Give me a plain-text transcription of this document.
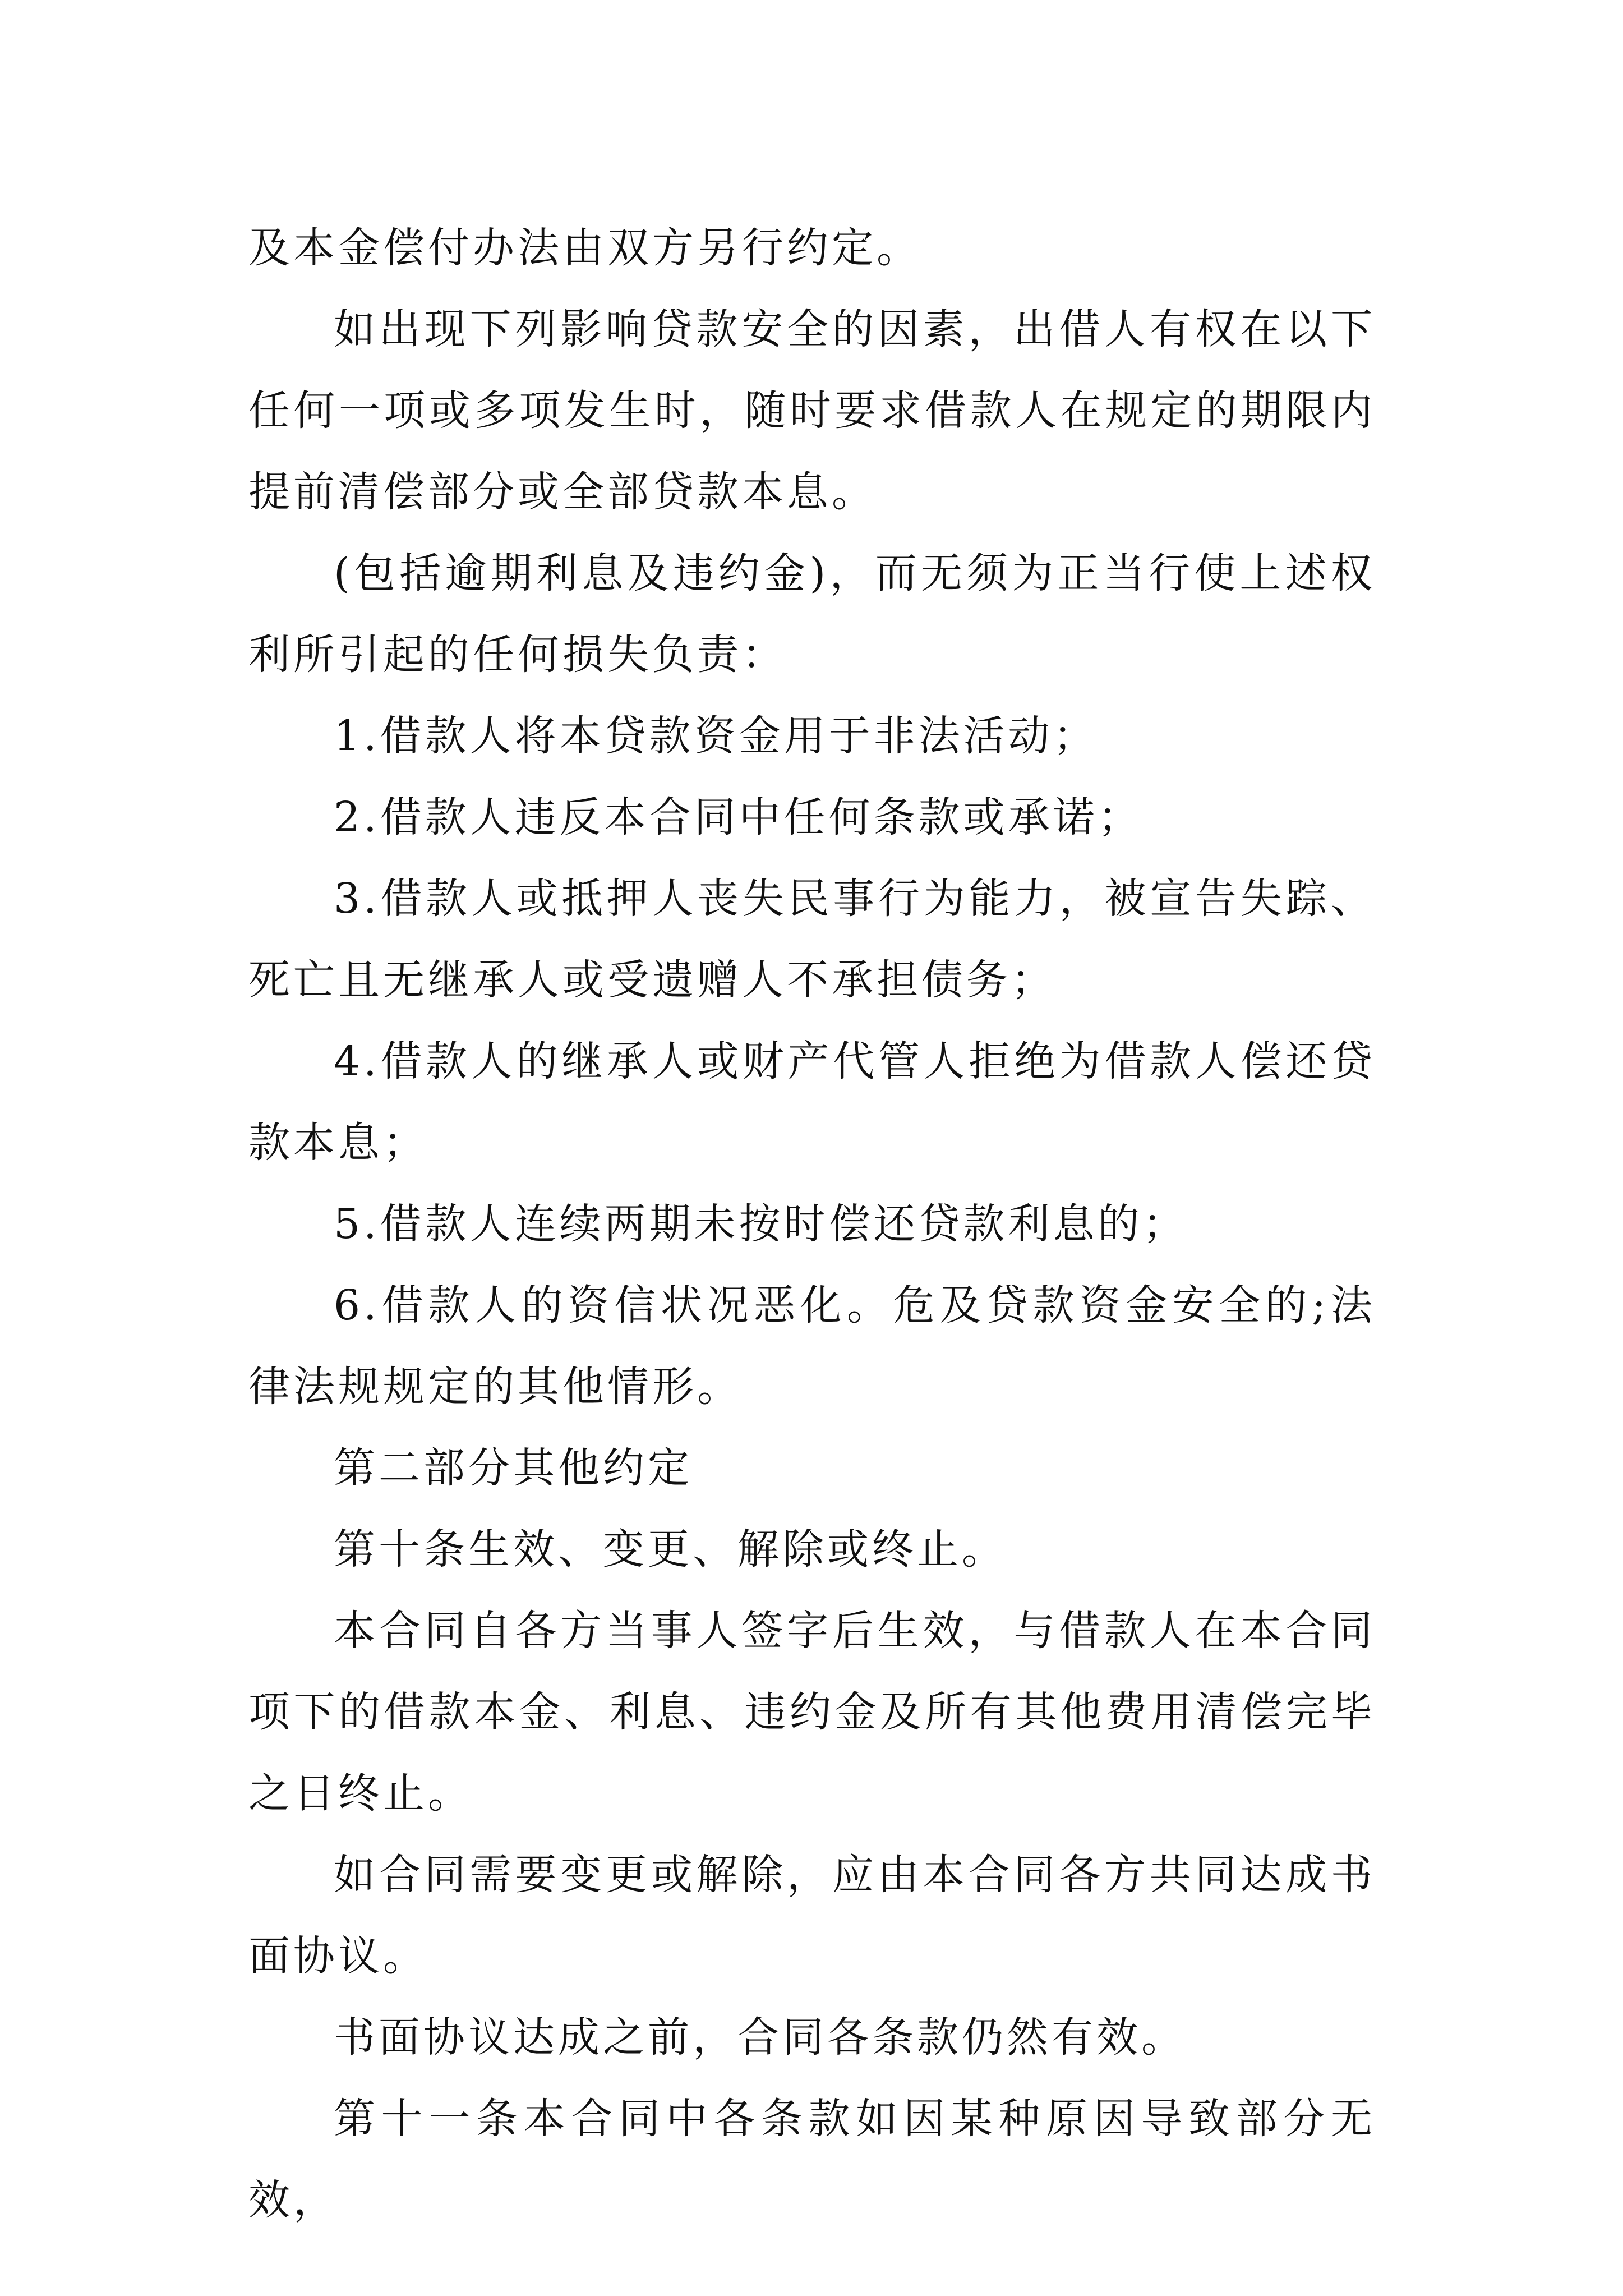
及本金偿付办法由双方另行约定。

如出现下列影响贷款安全的因素，出借人有权在以下任何一项或多项发生时，随时要求借款人在规定的期限内提前清偿部分或全部贷款本息。

(包括逾期利息及违约金)，而无须为正当行使上述权利所引起的任何损失负责：

1.借款人将本贷款资金用于非法活动；

2.借款人违反本合同中任何条款或承诺；

3.借款人或抵押人丧失民事行为能力，被宣告失踪、死亡且无继承人或受遗赠人不承担债务；

4.借款人的继承人或财产代管人拒绝为借款人偿还贷款本息；

5.借款人连续两期未按时偿还贷款利息的；

6.借款人的资信状况恶化。危及贷款资金安全的;法律法规规定的其他情形。

第二部分其他约定

第十条生效、变更、解除或终止。

本合同自各方当事人签字后生效，与借款人在本合同项下的借款本金、利息、违约金及所有其他费用清偿完毕之日终止。

如合同需要变更或解除，应由本合同各方共同达成书面协议。

书面协议达成之前，合同各条款仍然有效。

第十一条本合同中各条款如因某种原因导致部分无效，
